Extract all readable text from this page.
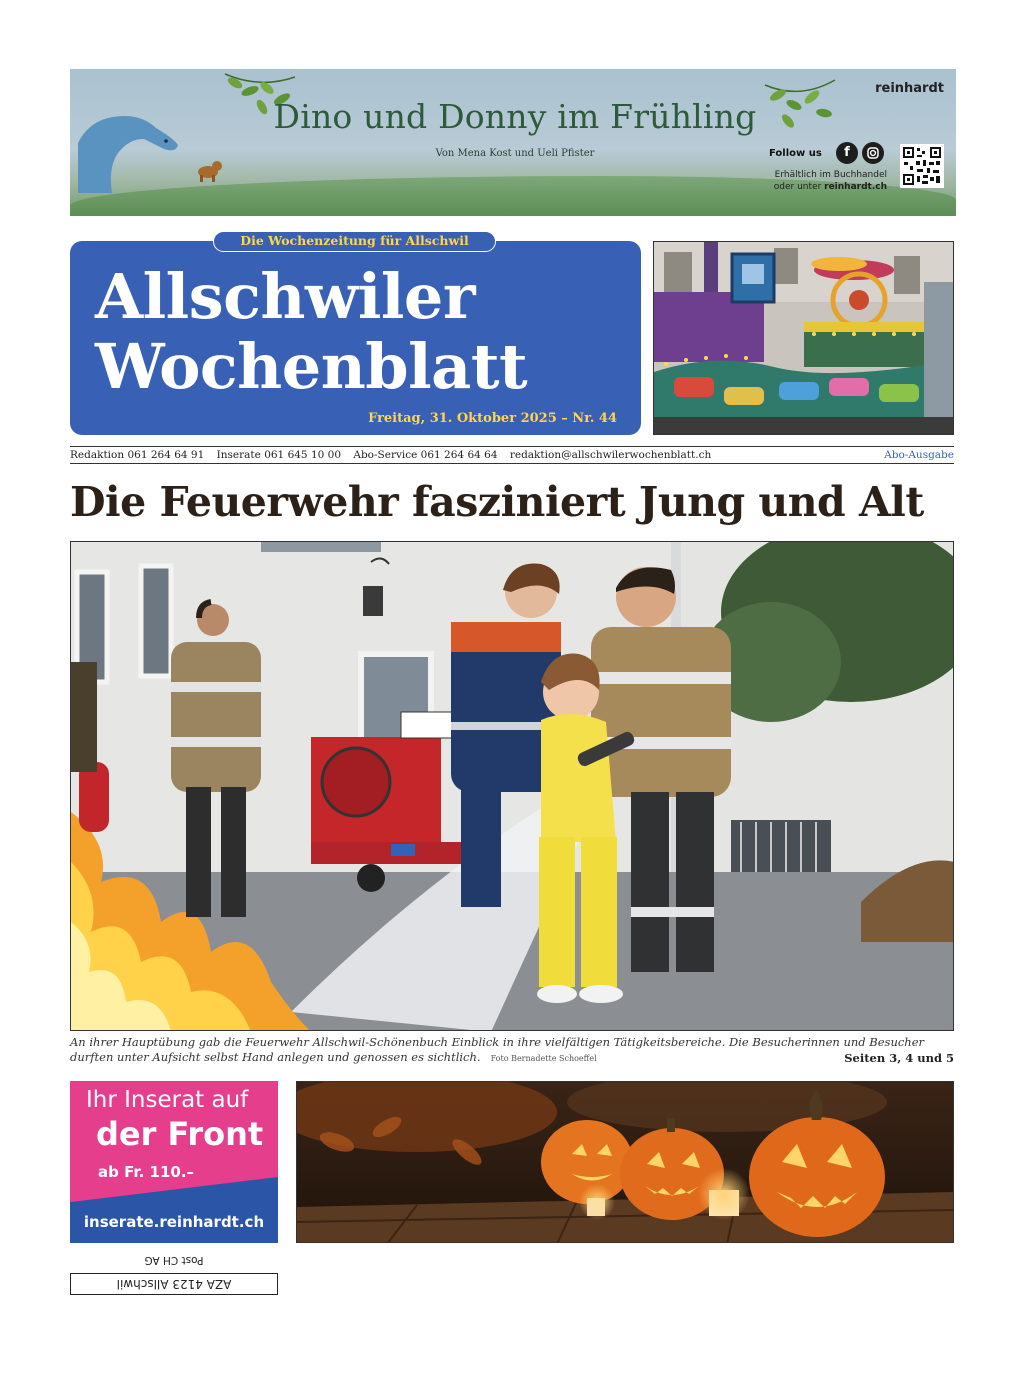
Dino und Donny im Frühling
Von Mena Kost und Ueli Pfister
reinhardt
Follow us	f
Erhältlich im Buchhandel
oder unter reinhardt.ch
Die Wochenzeitung für Allschwil
Allschwiler
Wochenblatt
Freitag, 31. Oktober 2025 – Nr. 44
Redaktion 061 264 64 91 Inserate 061 645 10 00 Abo-Service 061 264 64 64 redaktion@allschwilerwochenblatt.ch	Abo-Ausgabe
Die Feuerwehr fasziniert Jung und Alt
An ihrer Hauptübung gab die Feuerwehr Allschwil-Schönenbuch Einblick in ihre vielfältigen Tätigkeitsbereiche. Die Besucherinnen und Besucher durften unter Aufsicht selbst Hand anlegen und genossen es sichtlich. Foto Bernadette Schoeffel	Seiten 3, 4 und 5
Ihr Inserat auf
der Front
ab Fr. 110.–
inserate.reinhardt.ch
Post CH AG
AZA 4123 Allschwil
